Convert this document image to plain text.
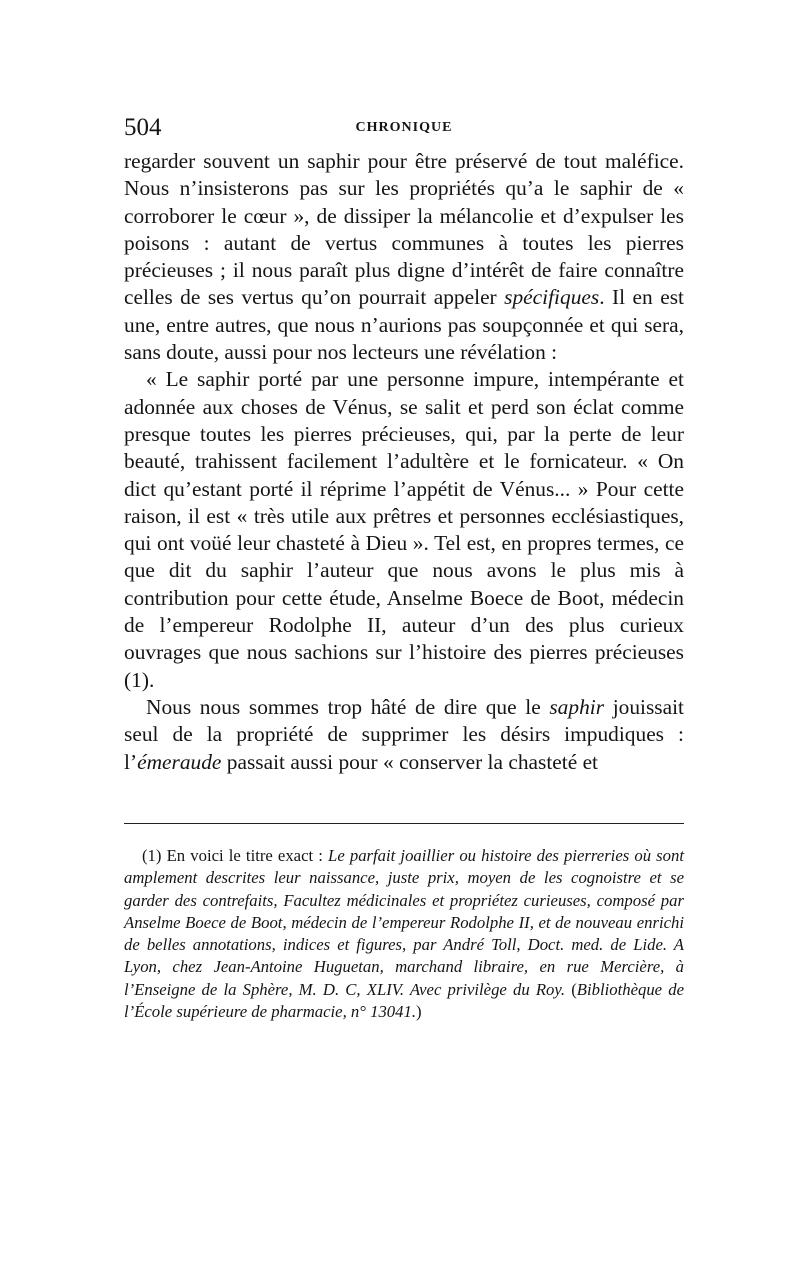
504	CHRONIQUE

regarder souvent un saphir pour être préservé de tout maléfice. Nous n’insisterons pas sur les propriétés qu’a le saphir de « corroborer le cœur », de dissiper la mélancolie et d’expulser les poisons : autant de vertus communes à toutes les pierres précieuses ; il nous paraît plus digne d’intérêt de faire connaître celles de ses vertus qu’on pourrait appeler spécifiques. Il en est une, entre autres, que nous n’aurions pas soupçonnée et qui sera, sans doute, aussi pour nos lecteurs une révélation :

« Le saphir porté par une personne impure, intempérante et adonnée aux choses de Vénus, se salit et perd son éclat comme presque toutes les pierres précieuses, qui, par la perte de leur beauté, trahissent facilement l’adultère et le fornicateur. « On dict qu’estant porté il réprime l’appétit de Vénus... » Pour cette raison, il est « très utile aux prêtres et personnes ecclésiastiques, qui ont voüé leur chasteté à Dieu ». Tel est, en propres termes, ce que dit du saphir l’auteur que nous avons le plus mis à contribution pour cette étude, Anselme Boece de Boot, médecin de l’empereur Rodolphe II, auteur d’un des plus curieux ouvrages que nous sachions sur l’histoire des pierres précieuses (1).

Nous nous sommes trop hâté de dire que le saphir jouissait seul de la propriété de supprimer les désirs impudiques : l’émeraude passait aussi pour « conserver la chasteté et

(1) En voici le titre exact : Le parfait joaillier ou histoire des pierreries où sont amplement descrites leur naissance, juste prix, moyen de les cognoistre et se garder des contrefaits, Facultez médicinales et propriétez curieuses, composé par Anselme Boece de Boot, médecin de l’empereur Rodolphe II, et de nouveau enrichi de belles annotations, indices et figures, par André Toll, Doct. med. de Lide. A Lyon, chez Jean-Antoine Huguetan, marchand libraire, en rue Mercière, à l’Enseigne de la Sphère, M. D. C, XLIV. Avec privilège du Roy. (Bibliothèque de l’École supérieure de pharmacie, n° 13041.)
